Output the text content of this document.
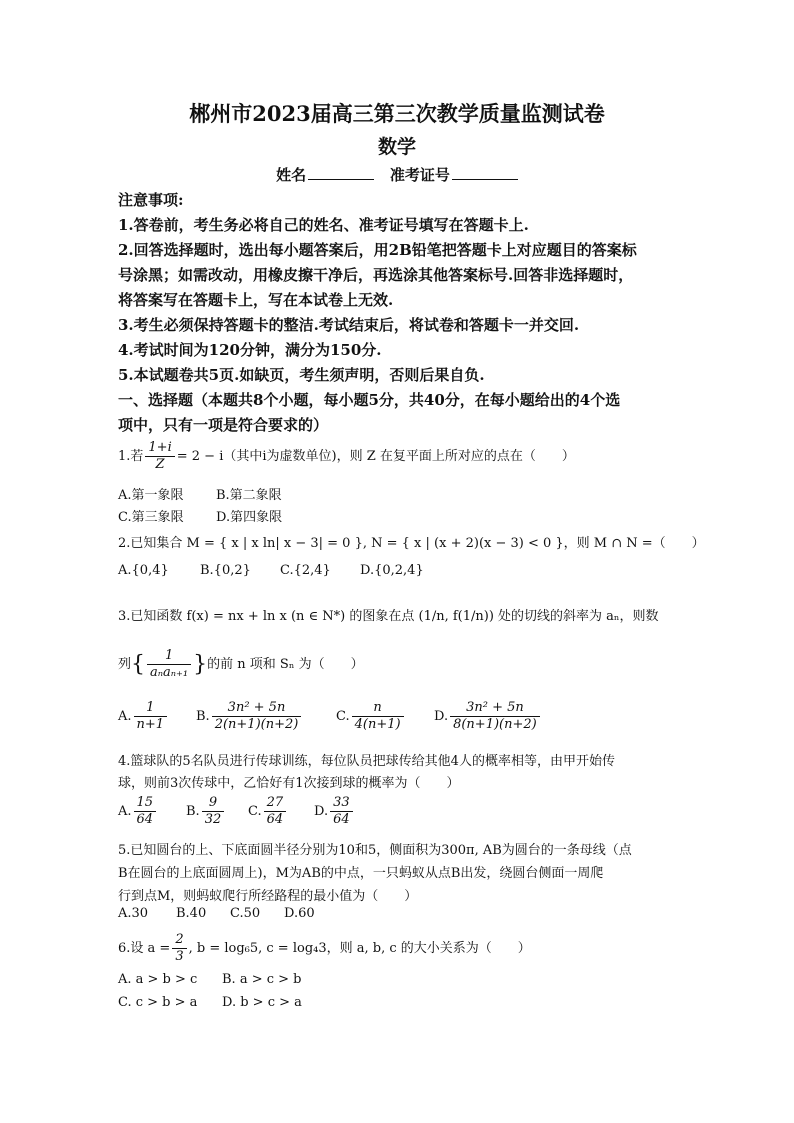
郴州市2023届高三第三次教学质量监测试卷
数学
姓名	准考证号
注意事项:
1.答卷前，考生务必将自己的姓名、准考证号填写在答题卡上.
2.回答选择题时，选出每小题答案后，用2B铅笔把答题卡上对应题目的答案标
号涂黑；如需改动，用橡皮擦干净后，再选涂其他答案标号.回答非选择题时，
将答案写在答题卡上，写在本试卷上无效.
3.考生必须保持答题卡的整洁.考试结束后，将试卷和答题卡一并交回.
4.考试时间为120分钟，满分为150分.
5.本试题卷共5页.如缺页，考生须声明，否则后果自负.
一、选择题（本题共8个小题，每小题5分，共40分，在每小题给出的4个选
项中，只有一项是符合要求的）
1.若 $\frac{1+i}{Z} = 2 - i$（其中i为虚数单位)，则 Z 在复平面上所对应的点在（　　）
A.第一象限 B.第二象限
C.第三象限 D.第四象限
2.已知集合 M = { x | x ln| x − 3| = 0 }, N = { x | (x + 2)(x − 3) < 0 }，则 M ∩ N =（　　）
A.{0,4} B.{0,2} C.{2,4} D.{0,2,4}
3.已知函数 f(x) = nx + ln x (n ∈ N*) 的图象在点 (1/n, f(1/n)) 处的切线的斜率为 aₙ，则数
列{ $\frac{1}{\text{aₙaₙ₊₁}}$ }的前 n 项和 Sₙ 为（　　）
A. $\frac{1}{n+1} B$. $\frac{\text{3n² + 5n}}{2(n+1)(n+2)}$	C. $\frac{n}{4(n+1)} D$. $\frac{\text{3n² + 5n}}{8(n+1)(n+2)}$
4.篮球队的5名队员进行传球训练，每位队员把球传给其他4人的概率相等，由甲开始传
球，则前3次传球中，乙恰好有1次接到球的概率为（　　）
A. $\frac{15}{64} B$. $\frac{9}{32} C$. $\frac{27}{64} D$. $\frac{33}{64}$
5.已知圆台的上、下底面圆半径分别为10和5，侧面积为300π, AB为圆台的一条母线（点
B在圆台的上底面圆周上)，M为AB的中点，一只蚂蚁从点B出发，绕圆台侧面一周爬
行到点M，则蚂蚁爬行所经路程的最小值为（　　）
A.30 B.40 C.50 D.60
6.设 $a = \frac{2}{3}$ , b = log₆5, c = log₄3，则 a, b, c 的大小关系为（　　）
A. a > b > c B. a > c > b
C. c > b > a D. b > c > a
